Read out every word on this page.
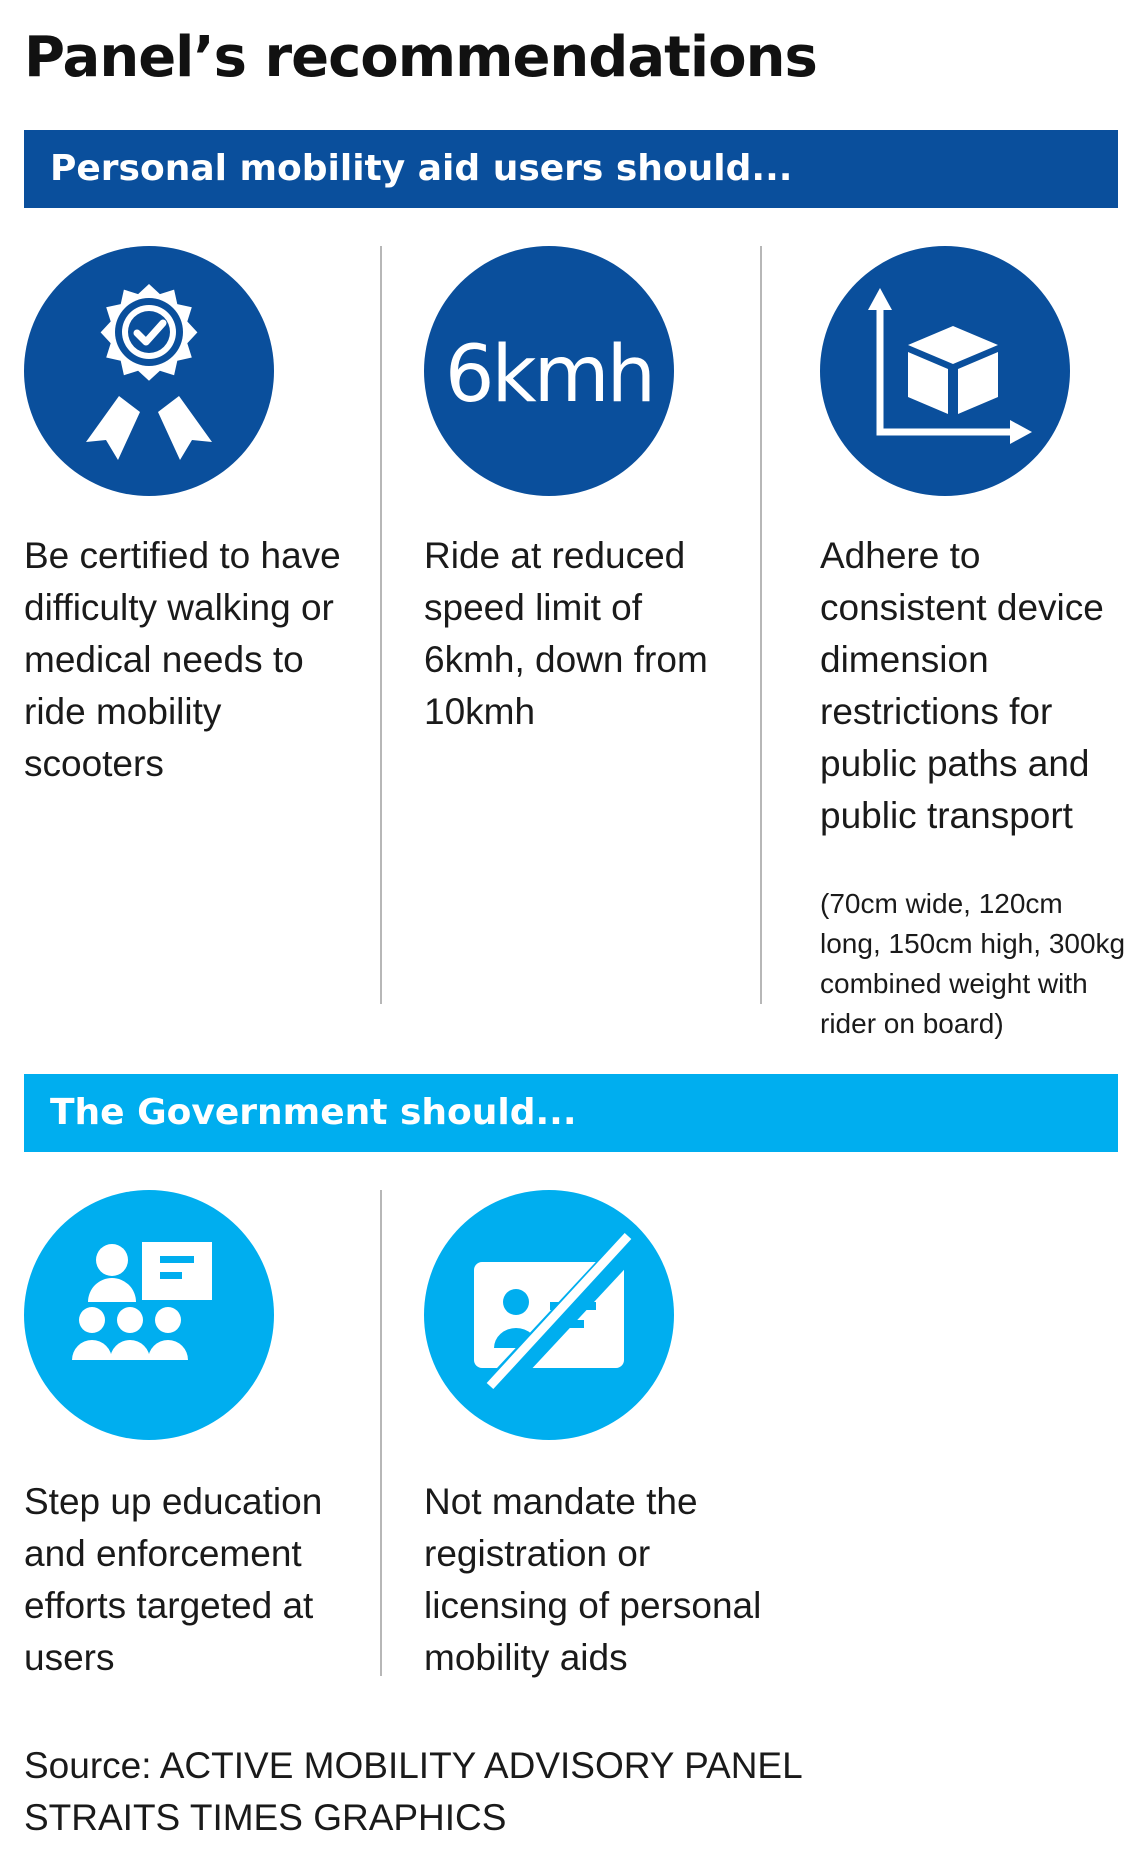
Panel’s recommendations
Personal mobility aid users should...
6kmh

Be certified to have difficulty walking or medical needs to ride mobility scooters

Ride at reduced speed limit of 6kmh, down from 10kmh

Adhere to consistent device dimension restrictions for public paths and public transport

(70cm wide, 120cm long, 150cm high, 300kg combined weight with rider on board)

The Government should...

Step up education and enforcement efforts targeted at users

Not mandate the registration or licensing of personal mobility aids

Source: ACTIVE MOBILITY ADVISORY PANEL
STRAITS TIMES GRAPHICS
